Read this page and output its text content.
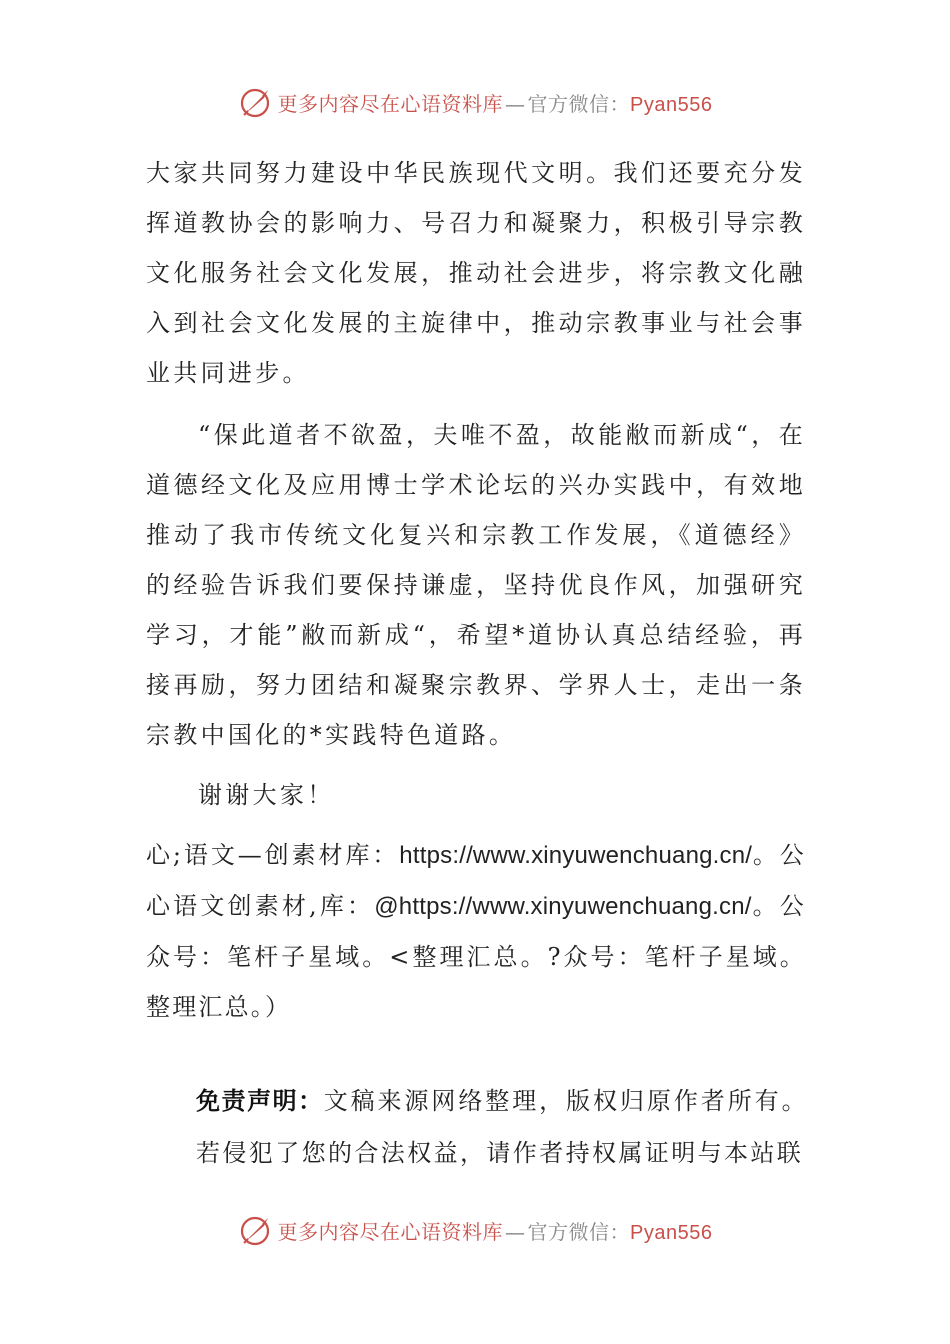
更多内容尽在心语资料库 — 官方微信：Pyan556

大家共同努力建设中华民族现代文明。我们还要充分发挥道教协会的影响力、号召力和凝聚力，积极引导宗教文化服务社会文化发展，推动社会进步，将宗教文化融入到社会文化发展的主旋律中，推动宗教事业与社会事业共同进步。

“保此道者不欲盈，夫唯不盈，故能敝而新成“，在道德经文化及应用博士学术论坛的兴办实践中，有效地推动了我市传统文化复兴和宗教工作发展，《道德经》的经验告诉我们要保持谦虚，坚持优良作风，加强研究学习，才能”敝而新成“，希望*道协认真总结经验，再接再励，努力团结和凝聚宗教界、学界人士，走出一条宗教中国化的*实践特色道路。

谢谢大家！

心;语文—创素材库：https://www.xinyuwenchuang.cn/。公心语文创素材,库：@https://www.xinyuwenchuang.cn/。公众号：笔杆子星域。<整理汇总。?众号：笔杆子星域。整理汇总。）

免责声明：文稿来源网络整理，版权归原作者所有。若侵犯了您的合法权益，请作者持权属证明与本站联

更多内容尽在心语资料库 — 官方微信：Pyan556
